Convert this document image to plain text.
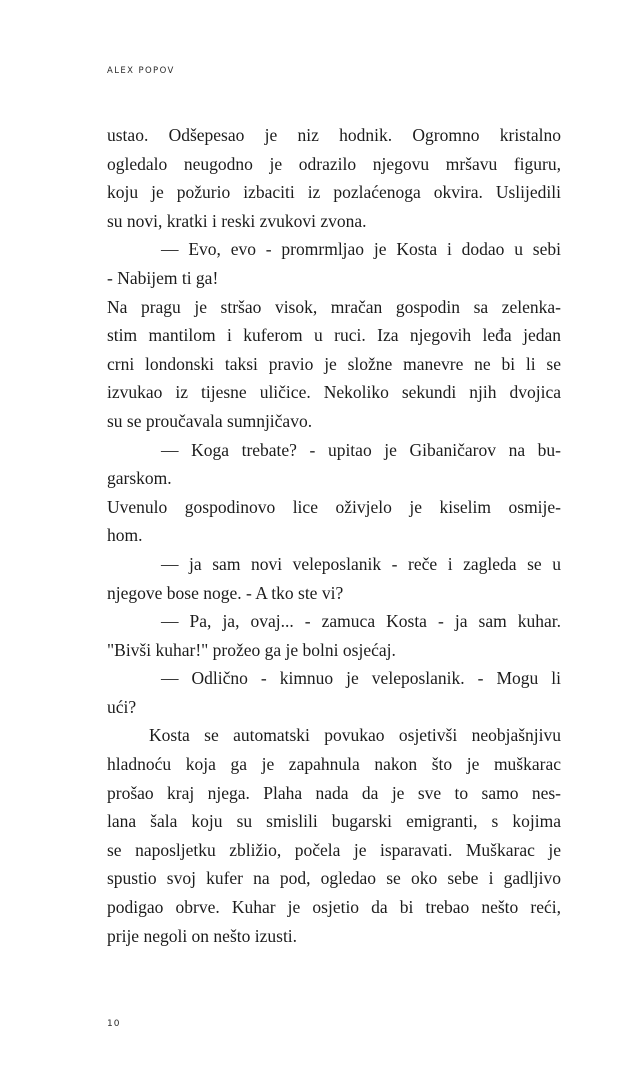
ALEX POPOV
ustao. Odšepesao je niz hodnik. Ogromno kristalno
ogledalo neugodno je odrazilo njegovu mršavu figuru,
koju je požurio izbaciti iz pozlaćenoga okvira. Uslijedili
su novi, kratki i reski zvukovi zvona.
— Evo, evo - promrmljao je Kosta i dodao u sebi
- Nabijem ti ga!
Na pragu je stršao visok, mračan gospodin sa zelenka-
stim mantilom i kuferom u ruci. Iza njegovih leđa jedan
crni londonski taksi pravio je složne manevre ne bi li se
izvukao iz tijesne uličice. Nekoliko sekundi njih dvojica
su se proučavala sumnjičavo.
— Koga trebate? - upitao je Gibaničarov na bu-
garskom.
Uvenulo gospodinovo lice oživjelo je kiselim osmije-
hom.
— ja sam novi veleposlanik - reče i zagleda se u
njegove bose noge. - A tko ste vi?
— Pa, ja, ovaj... - zamuca Kosta - ja sam kuhar.
"Bivši kuhar!" prožeo ga je bolni osjećaj.
— Odlično - kimnuo je veleposlanik. - Mogu li
ući?
Kosta se automatski povukao osjetivši neobjašnjivu
hladnoću koja ga je zapahnula nakon što je muškarac
prošao kraj njega. Plaha nada da je sve to samo nes-
lana šala koju su smislili bugarski emigranti, s kojima
se naposljetku zbližio, počela je isparavati. Muškarac je
spustio svoj kufer na pod, ogledao se oko sebe i gadljivo
podigao obrve. Kuhar je osjetio da bi trebao nešto reći,
prije negoli on nešto izusti.
10
